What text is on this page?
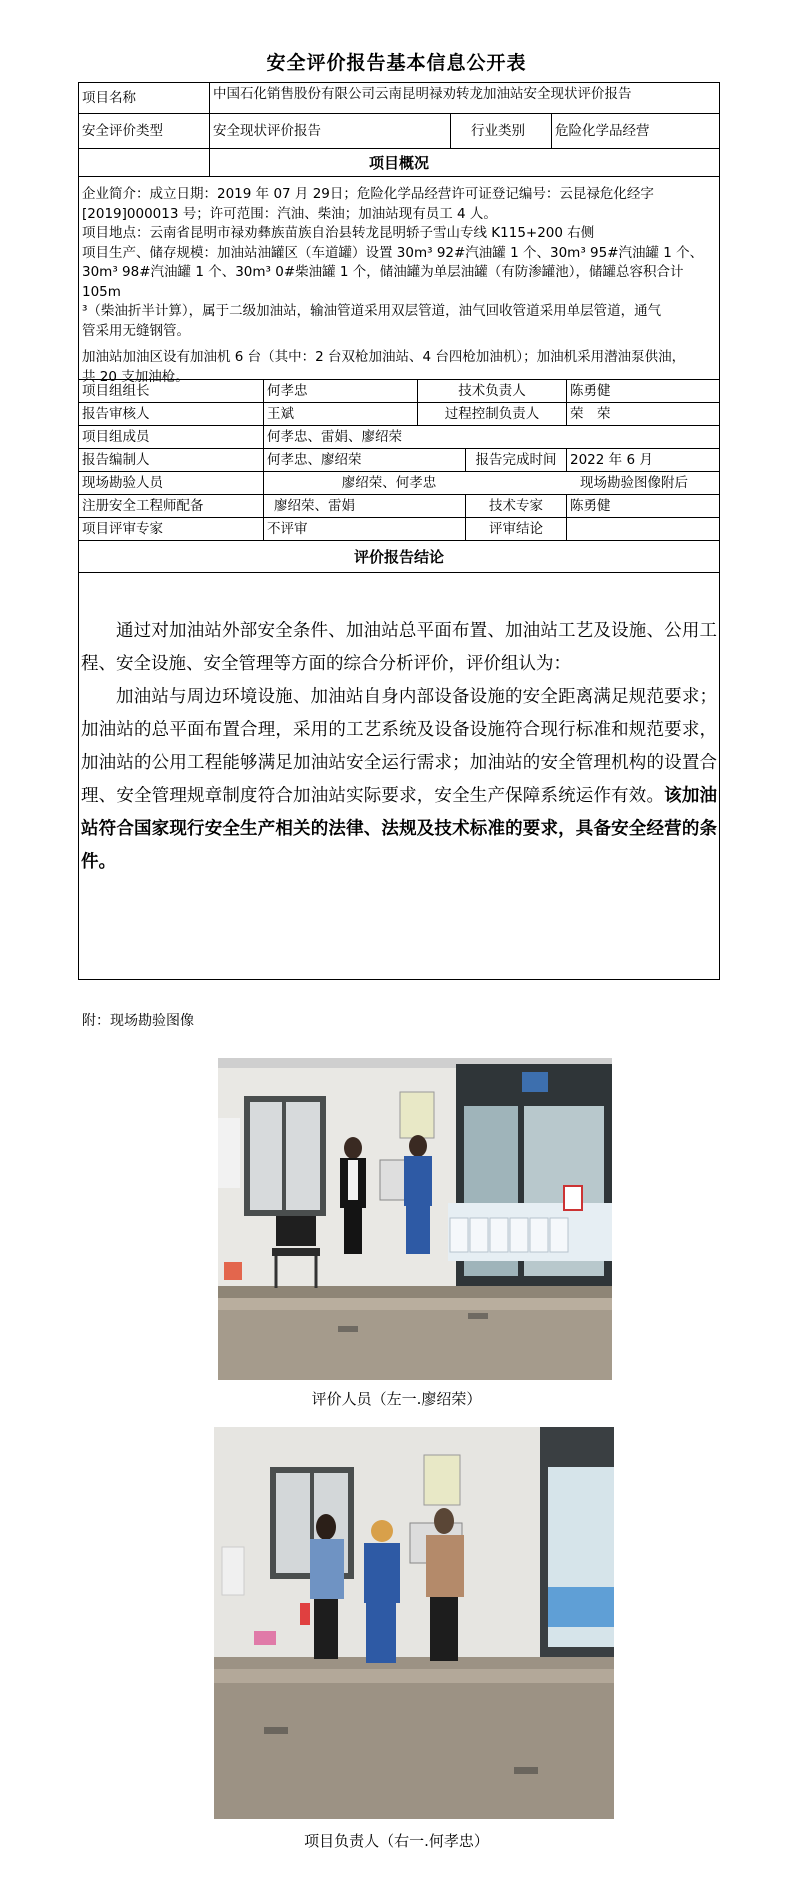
安全评价报告基本信息公开表
项目名称	中国石化销售股份有限公司云南昆明禄劝转龙加油站安全现状评价报告
安全评价类型	安全现状评价报告	行业类别	危险化学品经营
项目概况

企业简介：成立日期：2019 年 07 月 29日；危险化学品经营许可证登记编号：云昆禄危化经字

[2019]000013 号；许可范围：汽油、柴油；加油站现有员工 4 人。

项目地点：云南省昆明市禄劝彝族苗族自治县转龙昆明轿子雪山专线 K115+200 右侧

项目生产、储存规模：加油站油罐区（车道罐）设置 30m³ 92#汽油罐 1 个、30m³ 95#汽油罐 1 个、

30m³ 98#汽油罐 1 个、30m³ 0#柴油罐 1 个，储油罐为单层油罐（有防渗罐池），储罐总容积合计 105m

³（柴油折半计算），属于二级加油站，输油管道采用双层管道，油气回收管道采用单层管道，通气

管采用无缝钢管。

加油站加油区设有加油机 6 台（其中：2 台双枪加油站、4 台四枪加油机）；加油机采用潜油泵供油，

共 20 支加油枪。

项目组组长	何孝忠	技术负责人	陈勇健
报告审核人	王斌	过程控制负责人	荣　荣
项目组成员	何孝忠、雷娟、廖绍荣
报告编制人	何孝忠、廖绍荣	报告完成时间	2022 年 6 月
现场勘验人员	廖绍荣、何孝忠	现场勘验图像附后
注册安全工程师配备	廖绍荣、雷娟	技术专家	陈勇健
项目评审专家	不评审	评审结论
评价报告结论

通过对加油站外部安全条件、加油站总平面布置、加油站工艺及设施、公用工程、安全设施、安全管理等方面的综合分析评价，评价组认为：

加油站与周边环境设施、加油站自身内部设备设施的安全距离满足规范要求；加油站的总平面布置合理，采用的工艺系统及设备设施符合现行标准和规范要求，加油站的公用工程能够满足加油站安全运行需求；加油站的安全管理机构的设置合理、安全管理规章制度符合加油站实际要求，安全生产保障系统运作有效。该加油站符合国家现行安全生产相关的法律、法规及技术标准的要求，具备安全经营的条件。

附：现场勘验图像
评价人员（左一.廖绍荣）
项目负责人（右一.何孝忠）
